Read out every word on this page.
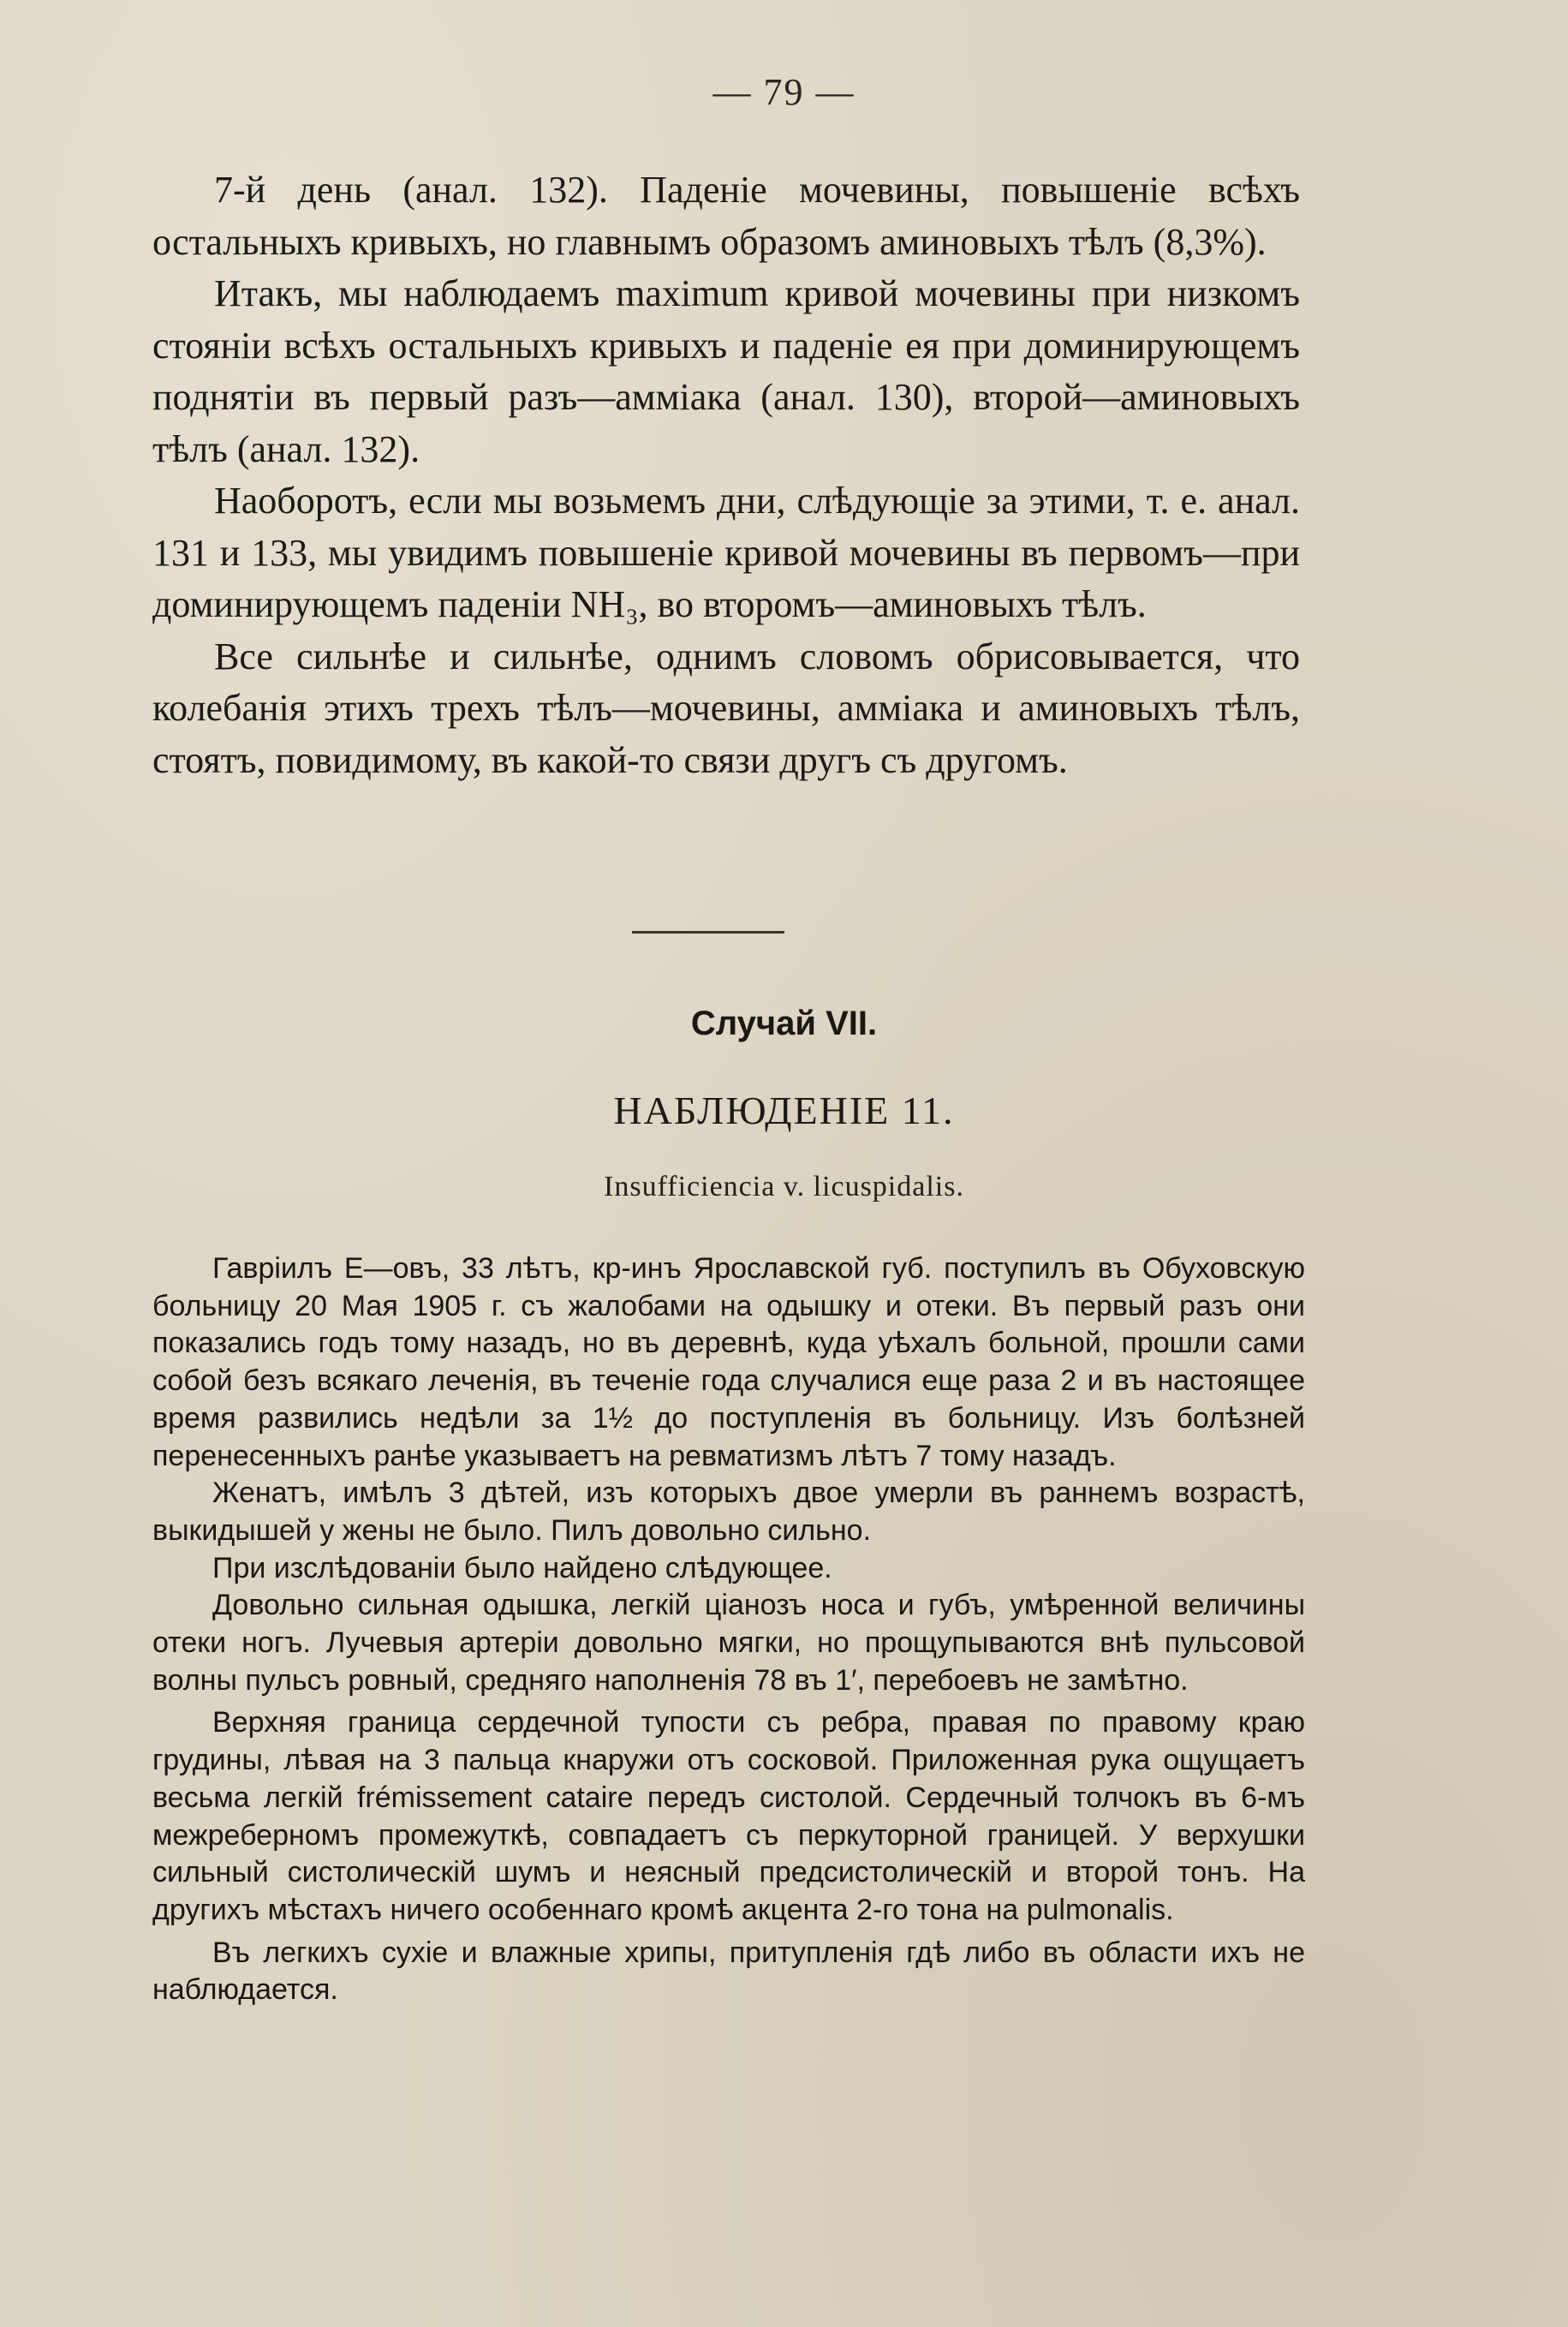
— 79 —

7-й день (анал. 132). Паденіе мочевины, повышеніе всѣхъ остальныхъ кривыхъ, но главнымъ образомъ аминовыхъ тѣлъ (8,3%).

Итакъ, мы наблюдаемъ maximum кривой мочевины при низкомъ стояніи всѣхъ остальныхъ кривыхъ и паденіе ея при доминирующемъ поднятіи въ первый разъ—амміака (анал. 130), второй—аминовыхъ тѣлъ (анал. 132).

Наоборотъ, если мы возьмемъ дни, слѣдующіе за этими, т. е. анал. 131 и 133, мы увидимъ повышеніе кривой мочевины въ первомъ—при доминирующемъ паденіи NH₃, во второмъ—аминовыхъ тѣлъ.

Все сильнѣе и сильнѣе, однимъ словомъ обрисовывается, что колебанія этихъ трехъ тѣлъ—мочевины, амміака и аминовыхъ тѣлъ, стоятъ, повидимому, въ какой-то связи другъ съ другомъ.

Случай VII.
НАБЛЮДЕНІЕ 11.
Insufficiencia v. licuspidalis.

Гавріилъ Е—овъ, 33 лѣтъ, кр-инъ Ярославской губ. поступилъ въ Обуховскую больницу 20 Мая 1905 г. съ жалобами на одышку и отеки. Въ первый разъ они показались годъ тому назадъ, но въ деревнѣ, куда уѣхалъ больной, прошли сами собой безъ всякаго леченія, въ теченіе года случалися еще раза 2 и въ настоящее время развились недѣли за 1½ до поступленія въ больницу. Изъ болѣзней перенесенныхъ ранѣе указываетъ на ревматизмъ лѣтъ 7 тому назадъ.

Женатъ, имѣлъ 3 дѣтей, изъ которыхъ двое умерли въ раннемъ возрастѣ, выкидышей у жены не было. Пилъ довольно сильно.

При изслѣдованіи было найдено слѣдующее.

Довольно сильная одышка, легкій ціанозъ носа и губъ, умѣренной величины отеки ногъ. Лучевыя артеріи довольно мягки, но прощупываются внѣ пульсовой волны пульсъ ровный, средняго наполненія 78 въ 1′, перебоевъ не замѣтно.

Верхняя граница сердечной тупости съ ребра, правая по правому краю грудины, лѣвая на 3 пальца кнаружи отъ сосковой. Приложенная рука ощущаетъ весьма легкій frémissement cataire передъ систолой. Сердечный толчокъ въ 6-мъ межреберномъ промежуткѣ, совпадаетъ съ перкуторной границей. У верхушки сильный систолическій шумъ и неясный предсистолическій и второй тонъ. На другихъ мѣстахъ ничего особеннаго кромѣ акцента 2-го тона на pulmonalis.

Въ легкихъ сухіе и влажные хрипы, притупленія гдѣ либо въ области ихъ не наблюдается.
